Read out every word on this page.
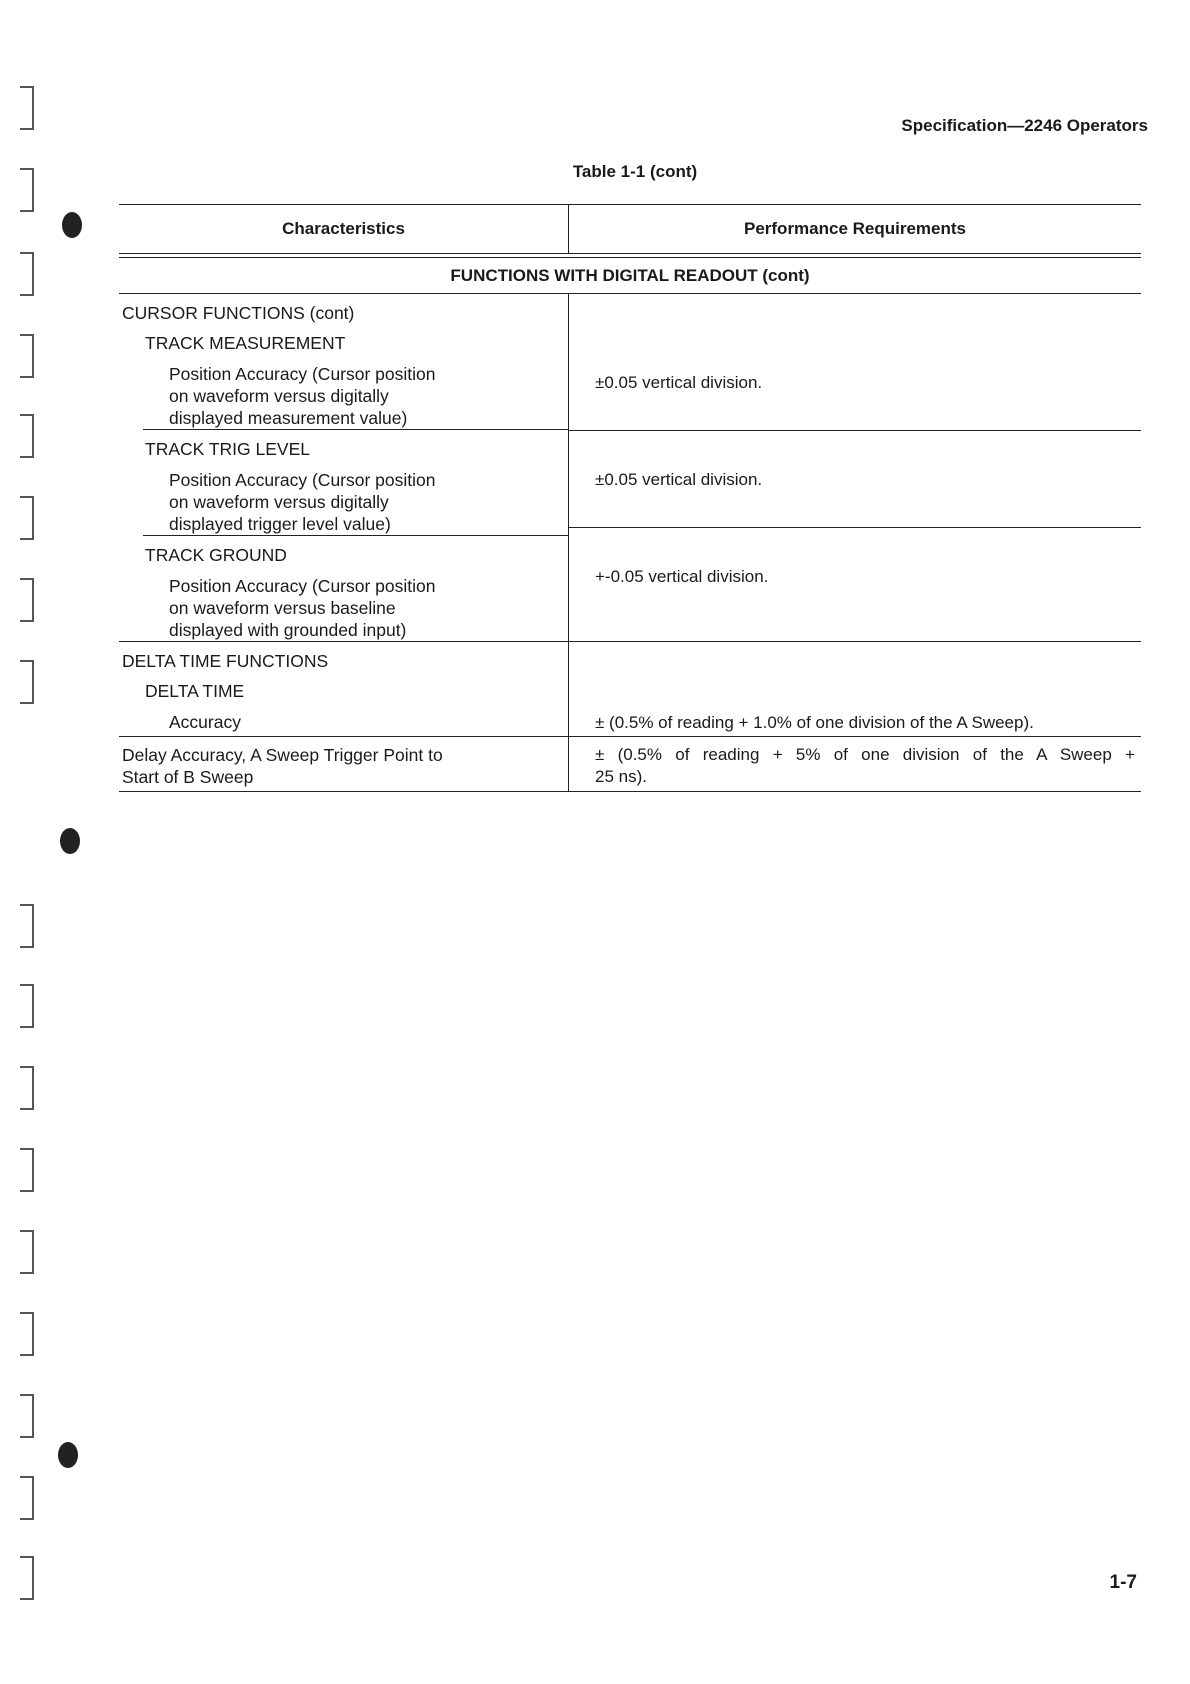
Specification—2246 Operators
Table 1-1 (cont)
Characteristics	Performance Requirements
FUNCTIONS WITH DIGITAL READOUT (cont)
CURSOR FUNCTIONS (cont)
TRACK MEASUREMENT
Position Accuracy (Cursor position
on waveform versus digitally
displayed measurement value)
TRACK TRIG LEVEL
Position Accuracy (Cursor position
on waveform versus digitally
displayed trigger level value)
TRACK GROUND
Position Accuracy (Cursor position
on waveform versus baseline
displayed with grounded input)
±0.05 vertical division.
±0.05 vertical division.
+-0.05 vertical division.
DELTA TIME FUNCTIONS
DELTA TIME
Accuracy	± (0.5% of reading + 1.0% of one division of the A Sweep).
Delay Accuracy, A Sweep Trigger Point to
Start of B Sweep
± (0.5% of reading + 5% of one division of the A Sweep +
25 ns).
1-7
